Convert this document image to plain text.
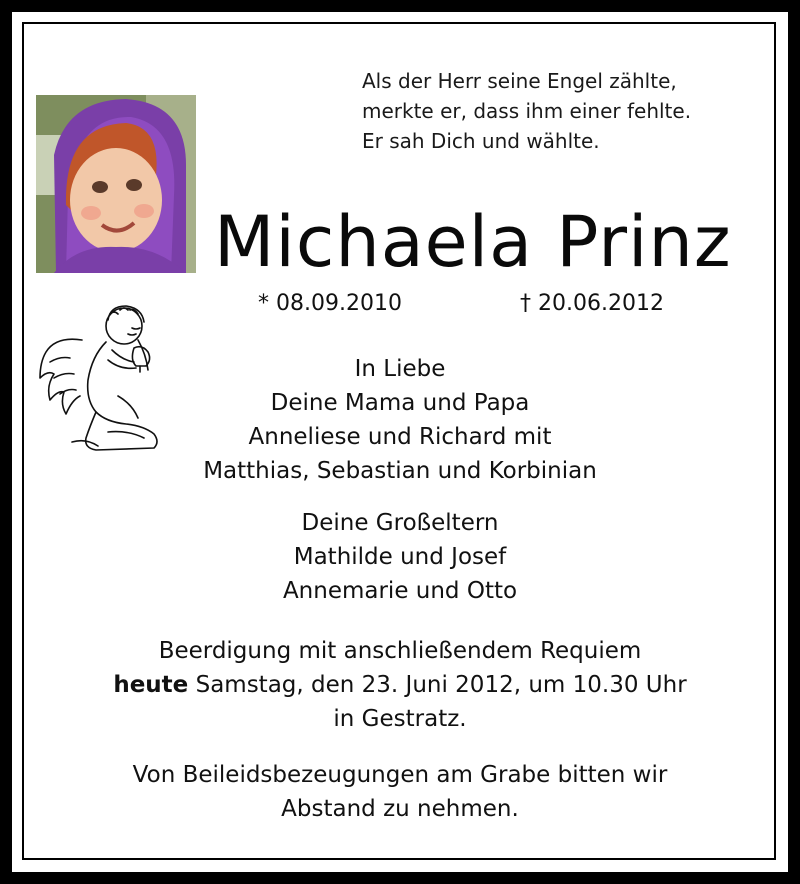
Als der Herr seine Engel zählte,
merkte er, dass ihm einer fehlte.
Er sah Dich und wählte.
Michaela Prinz
* 08.09.2010	† 20.06.2012
In Liebe
Deine Mama und Papa
Anneliese und Richard mit
Matthias, Sebastian und Korbinian
Deine Großeltern
Mathilde und Josef
Annemarie und Otto
Beerdigung mit anschließendem Requiem
heute Samstag, den 23. Juni 2012, um 10.30 Uhr
in Gestratz.
Von Beileidsbezeugungen am Grabe bitten wir
Abstand zu nehmen.
